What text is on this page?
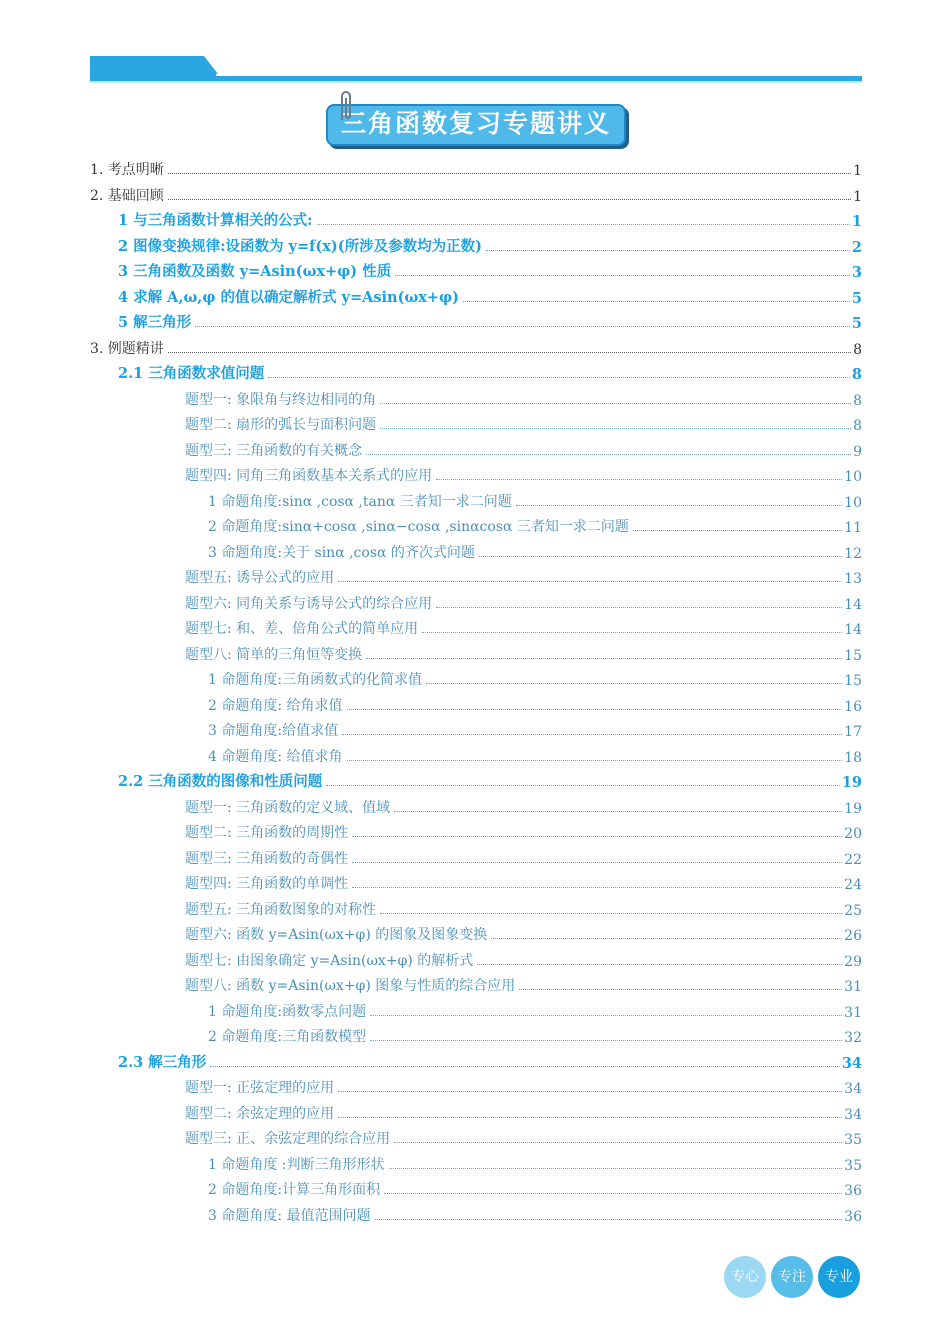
三角函数复习专题讲义
1. 考点明晰	1
2. 基础回顾	1
1 与三角函数计算相关的公式:	1
2 图像变换规律:设函数为 y=f(x)(所涉及参数均为正数)	2
3 三角函数及函数 y=Asin(ωx+φ) 性质	3
4 求解 A,ω,φ 的值以确定解析式 y=Asin(ωx+φ)	5
5 解三角形	5
3. 例题精讲	8
2.1 三角函数求值问题	8
题型一: 象限角与终边相同的角	8
题型二: 扇形的弧长与面积问题	8
题型三: 三角函数的有关概念	9
题型四: 同角三角函数基本关系式的应用	10
1 命题角度:sinα ,cosα ,tanα 三者知一求二问题	10
2 命题角度:sinα+cosα ,sinα−cosα ,sinαcosα 三者知一求二问题	11
3 命题角度:关于 sinα ,cosα 的齐次式问题	12
题型五: 诱导公式的应用	13
题型六: 同角关系与诱导公式的综合应用	14
题型七: 和、差、倍角公式的简单应用	14
题型八: 简单的三角恒等变换	15
1 命题角度:三角函数式的化简求值	15
2 命题角度: 给角求值	16
3 命题角度:给值求值	17
4 命题角度: 给值求角	18
2.2 三角函数的图像和性质问题	19
题型一: 三角函数的定义域、值域	19
题型二: 三角函数的周期性	20
题型三: 三角函数的奇偶性	22
题型四: 三角函数的单调性	24
题型五: 三角函数图象的对称性	25
题型六: 函数 y=Asin(ωx+φ) 的图象及图象变换	26
题型七: 由图象确定 y=Asin(ωx+φ) 的解析式	29
题型八: 函数 y=Asin(ωx+φ) 图象与性质的综合应用	31
1 命题角度:函数零点问题	31
2 命题角度:三角函数模型	32
2.3 解三角形	34
题型一: 正弦定理的应用	34
题型二: 余弦定理的应用	34
题型三: 正、余弦定理的综合应用	35
1 命题角度 :判断三角形形状	35
2 命题角度:计算三角形面积	36
3 命题角度: 最值范围问题	36
专心	专注	专业
